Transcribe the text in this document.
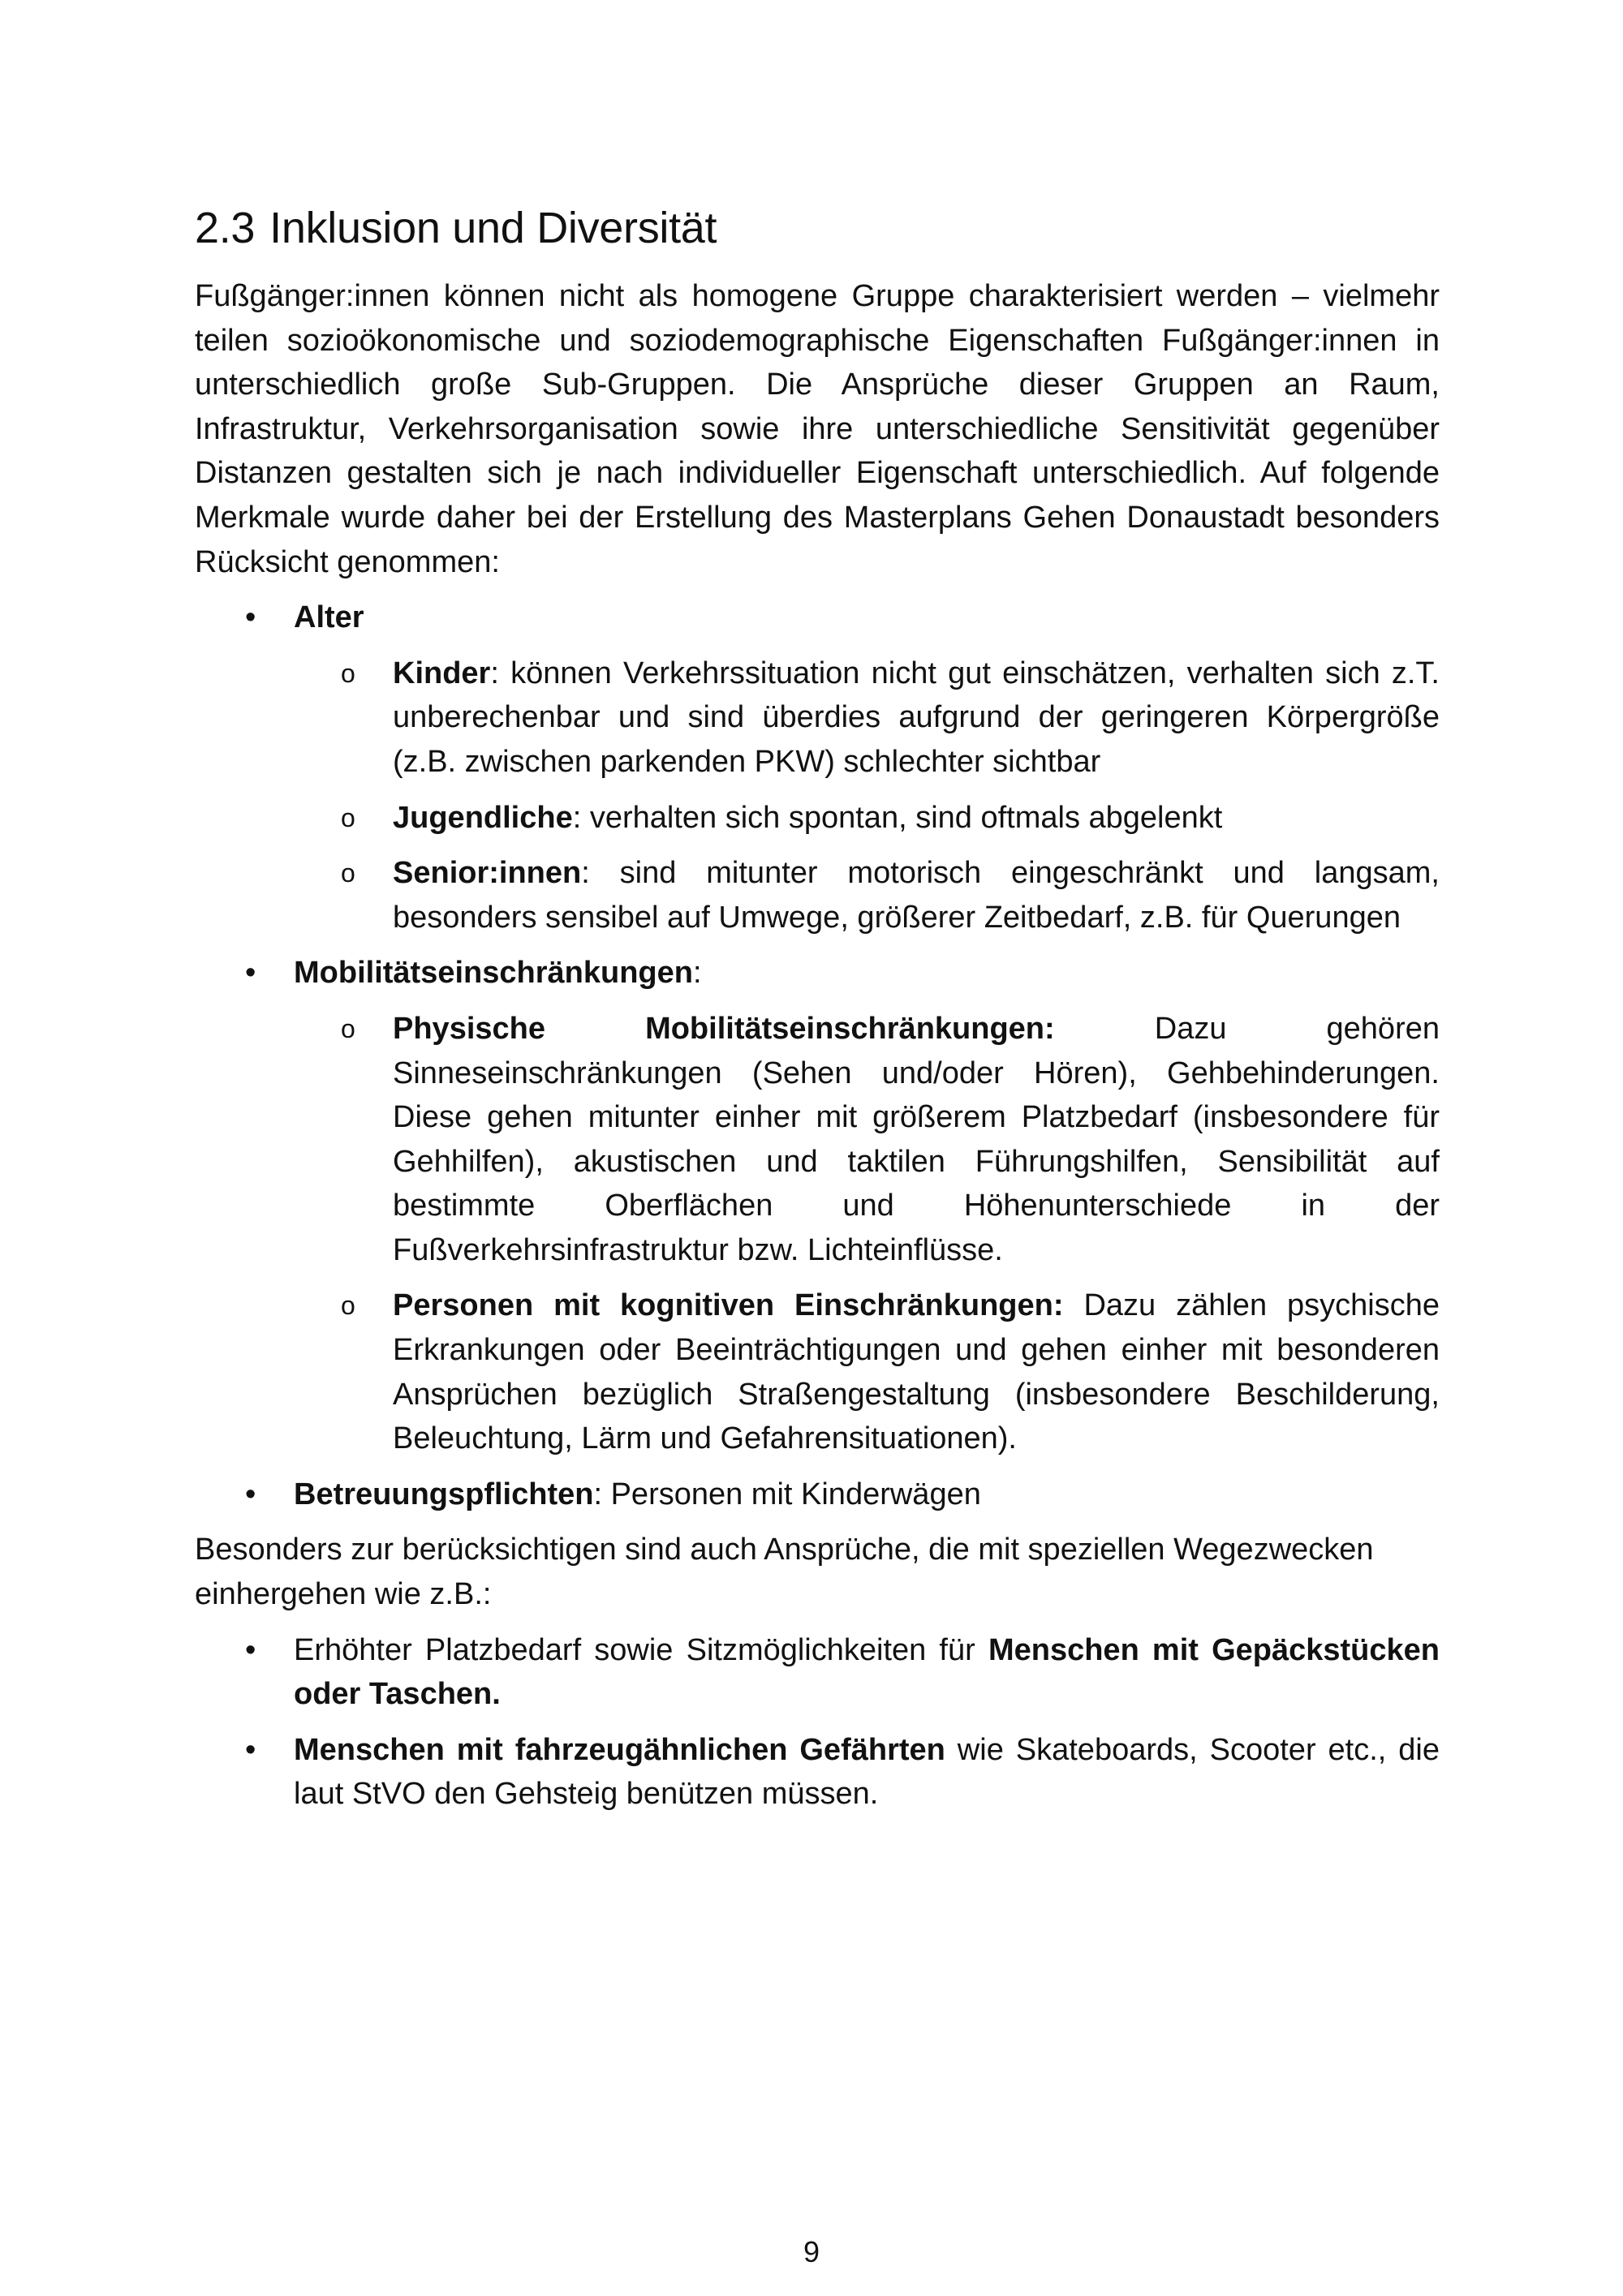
2.3 Inklusion und Diversität

Fußgänger:innen können nicht als homogene Gruppe charakterisiert werden – vielmehr teilen sozioökonomische und soziodemographische Eigenschaften Fußgänger:innen in unterschiedlich große Sub-Gruppen. Die Ansprüche dieser Gruppen an Raum, Infrastruktur, Verkehrsorganisation sowie ihre unterschiedliche Sensitivität gegenüber Distanzen gestalten sich je nach individueller Eigenschaft unterschiedlich. Auf folgende Merkmale wurde daher bei der Erstellung des Masterplans Gehen Donaustadt besonders Rücksicht genommen:

• Alter
o Kinder: können Verkehrssituation nicht gut einschätzen, verhalten sich z.T. unberechenbar und sind überdies aufgrund der geringeren Körpergröße (z.B. zwischen parkenden PKW) schlechter sichtbar
o Jugendliche: verhalten sich spontan, sind oftmals abgelenkt
o Senior:innen: sind mitunter motorisch eingeschränkt und langsam, besonders sensibel auf Umwege, größerer Zeitbedarf, z.B. für Querungen
• Mobilitätseinschränkungen:
o Physische Mobilitätseinschränkungen: Dazu gehören Sinneseinschränkungen (Sehen und/oder Hören), Gehbehinderungen. Diese gehen mitunter einher mit größerem Platzbedarf (insbesondere für Gehhilfen), akustischen und taktilen Führungshilfen, Sensibilität auf bestimmte Oberflächen und Höhenunterschiede in der Fußverkehrsinfrastruktur bzw. Lichteinflüsse.
o Personen mit kognitiven Einschränkungen: Dazu zählen psychische Erkrankungen oder Beeinträchtigungen und gehen einher mit besonderen Ansprüchen bezüglich Straßengestaltung (insbesondere Beschilderung, Beleuchtung, Lärm und Gefahrensituationen).
• Betreuungspflichten: Personen mit Kinderwägen

Besonders zur berücksichtigen sind auch Ansprüche, die mit speziellen Wegezwecken einhergehen wie z.B.:

• Erhöhter Platzbedarf sowie Sitzmöglichkeiten für Menschen mit Gepäckstücken oder Taschen.
• Menschen mit fahrzeugähnlichen Gefährten wie Skateboards, Scooter etc., die laut StVO den Gehsteig benützen müssen.
9
